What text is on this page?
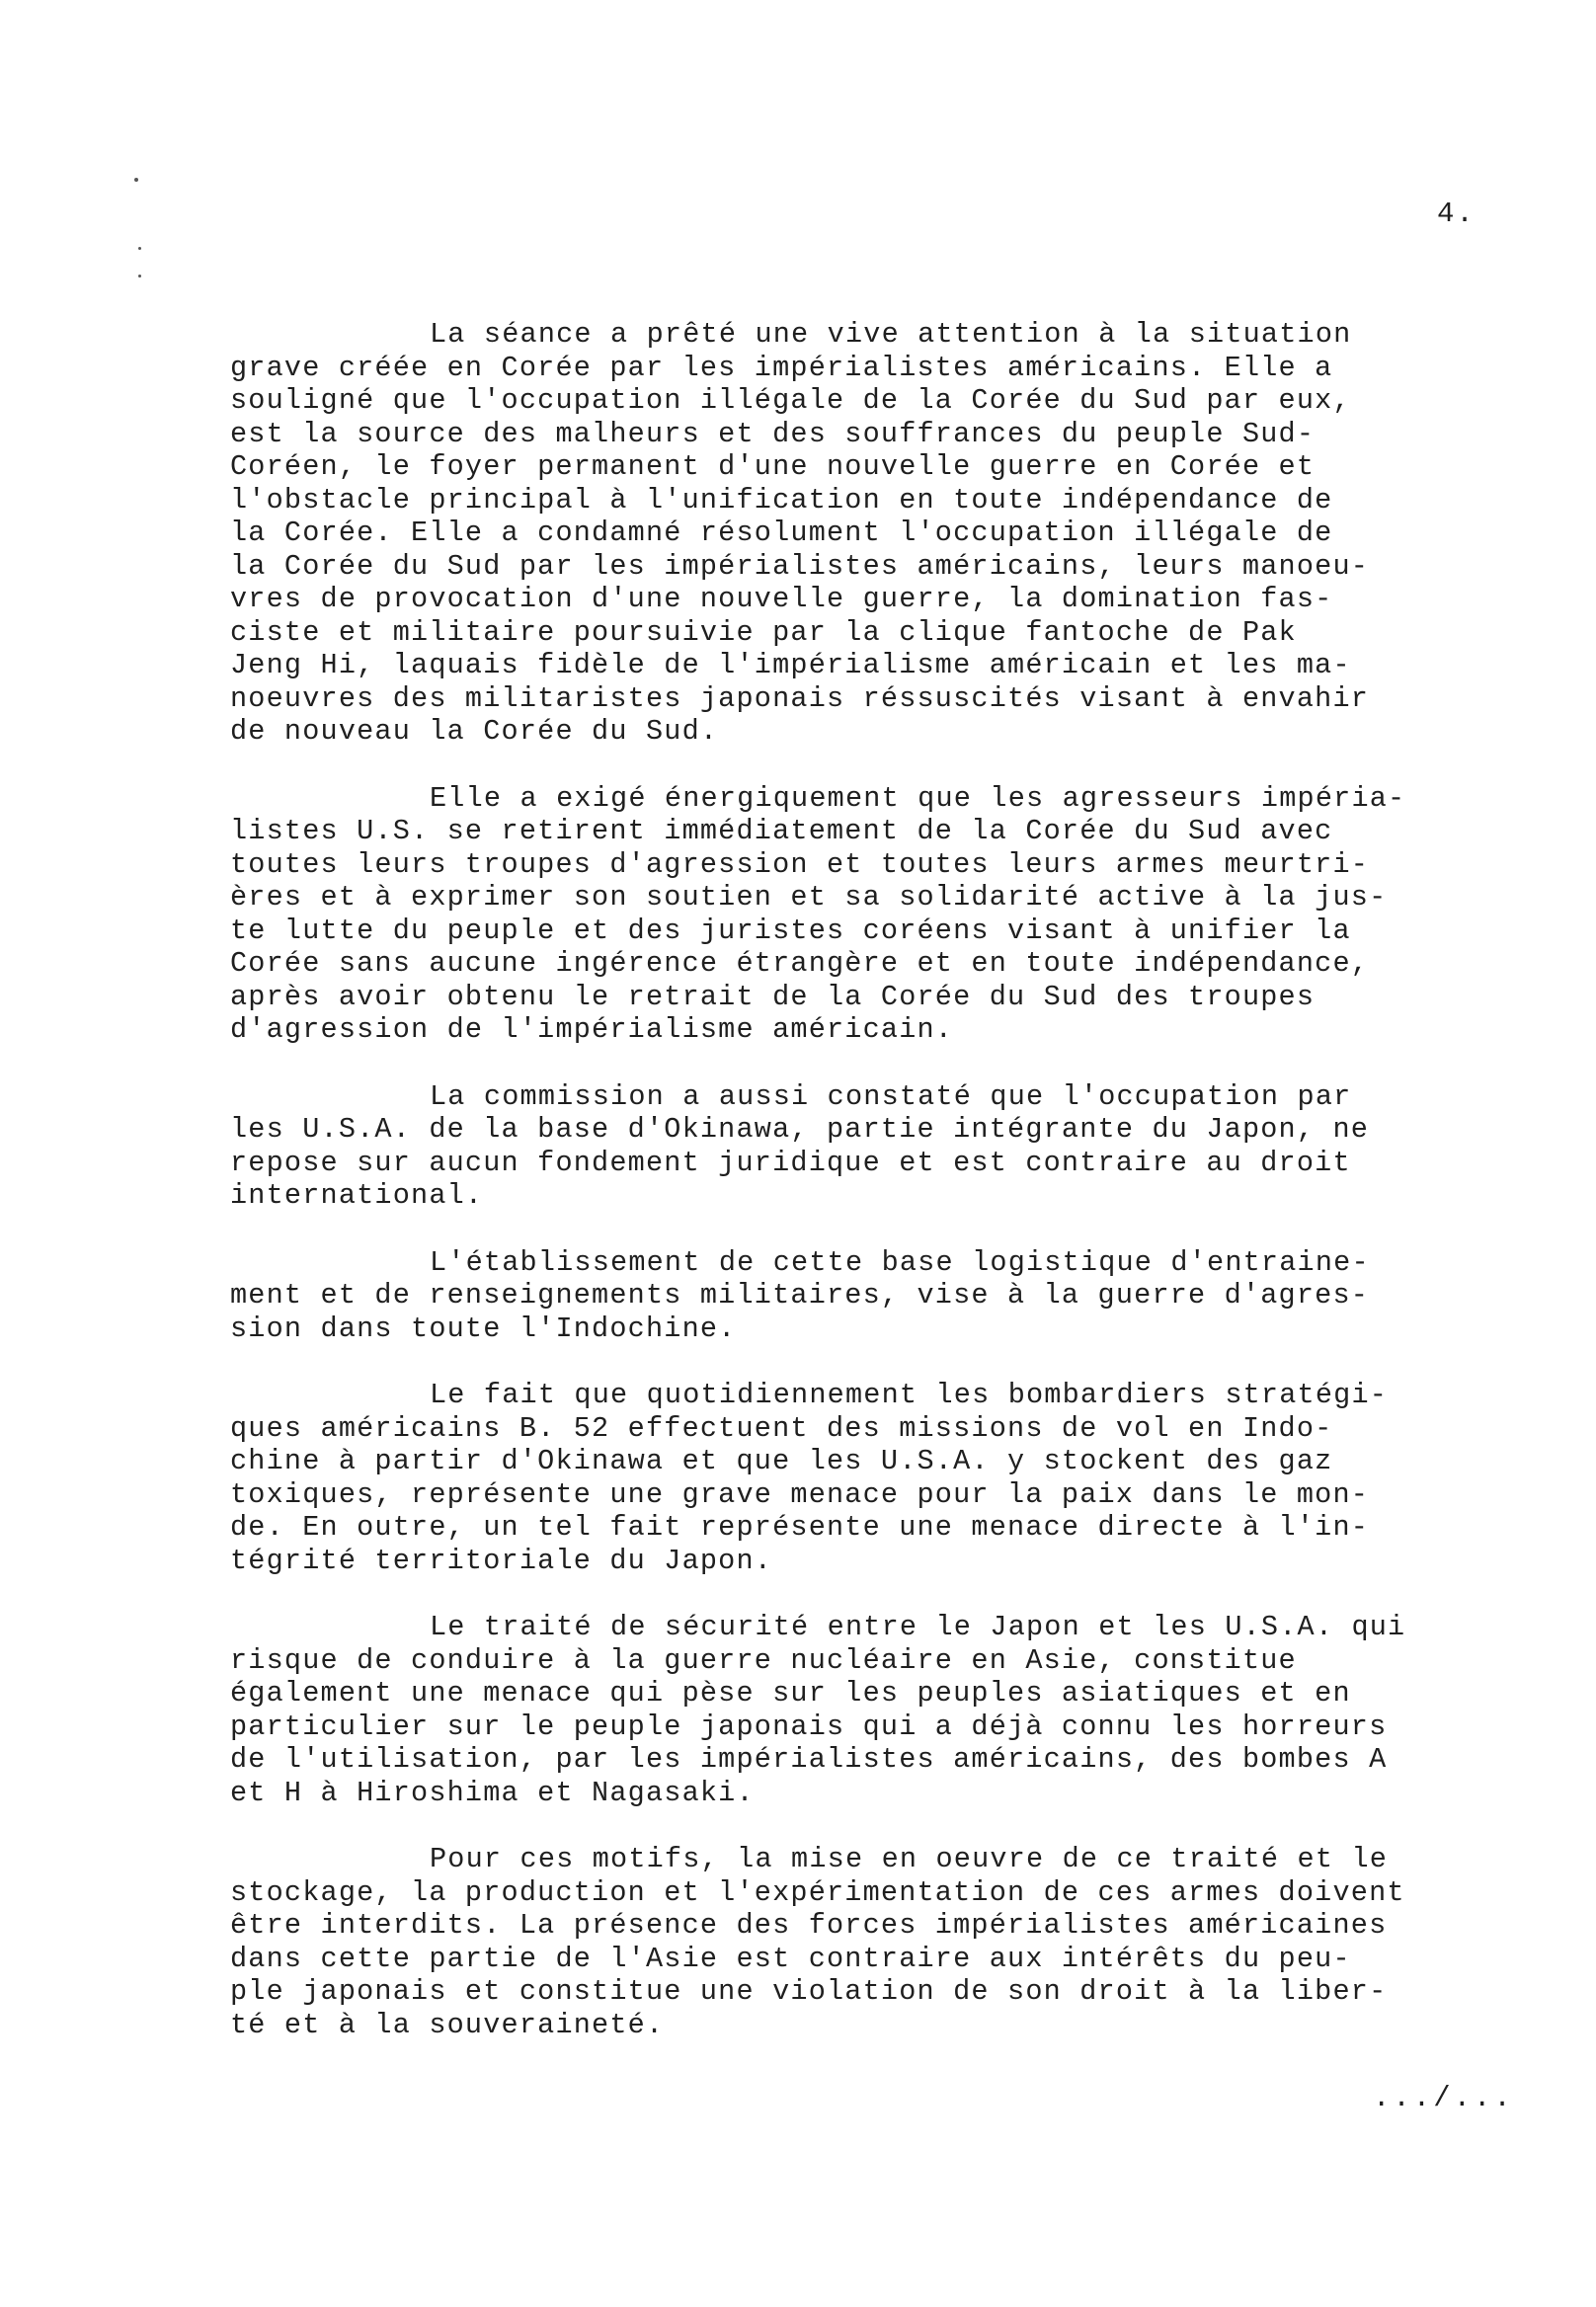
4.

La séance a prêté une vive attention à la situation
grave créée en Corée par les impérialistes américains. Elle a
souligné que l'occupation illégale de la Corée du Sud par eux,
est la source des malheurs et des souffrances du peuple Sud-
Coréen, le foyer permanent d'une nouvelle guerre en Corée et
l'obstacle principal à l'unification en toute indépendance de
la Corée. Elle a condamné résolument l'occupation illégale de
la Corée du Sud par les impérialistes américains, leurs manoeu-
vres de provocation d'une nouvelle guerre, la domination fas-
ciste et militaire poursuivie par la clique fantoche de Pak
Jeng Hi, laquais fidèle de l'impérialisme américain et les ma-
noeuvres des militaristes japonais réssuscités visant à envahir
de nouveau la Corée du Sud.

Elle a exigé énergiquement que les agresseurs impéria-
listes U.S. se retirent immédiatement de la Corée du Sud avec
toutes leurs troupes d'agression et toutes leurs armes meurtri-
ères et à exprimer son soutien et sa solidarité active à la jus-
te lutte du peuple et des juristes coréens visant à unifier la
Corée sans aucune ingérence étrangère et en toute indépendance,
après avoir obtenu le retrait de la Corée du Sud des troupes
d'agression de l'impérialisme américain.

La commission a aussi constaté que l'occupation par
les U.S.A. de la base d'Okinawa, partie intégrante du Japon, ne
repose sur aucun fondement juridique et est contraire au droit
international.

L'établissement de cette base logistique d'entraine-
ment et de renseignements militaires, vise à la guerre d'agres-
sion dans toute l'Indochine.

Le fait que quotidiennement les bombardiers stratégi-
ques américains B. 52 effectuent des missions de vol en Indo-
chine à partir d'Okinawa et que les U.S.A. y stockent des gaz
toxiques, représente une grave menace pour la paix dans le mon-
de. En outre, un tel fait représente une menace directe à l'in-
tégrité territoriale du Japon.

Le traité de sécurité entre le Japon et les U.S.A. qui
risque de conduire à la guerre nucléaire en Asie, constitue
également une menace qui pèse sur les peuples asiatiques et en
particulier sur le peuple japonais qui a déjà connu les horreurs
de l'utilisation, par les impérialistes américains, des bombes A
et H à Hiroshima et Nagasaki.

Pour ces motifs, la mise en oeuvre de ce traité et le
stockage, la production et l'expérimentation de ces armes doivent
être interdits. La présence des forces impérialistes américaines
dans cette partie de l'Asie est contraire aux intérêts du peu-
ple japonais et constitue une violation de son droit à la liber-
té et à la souveraineté.

.../...
